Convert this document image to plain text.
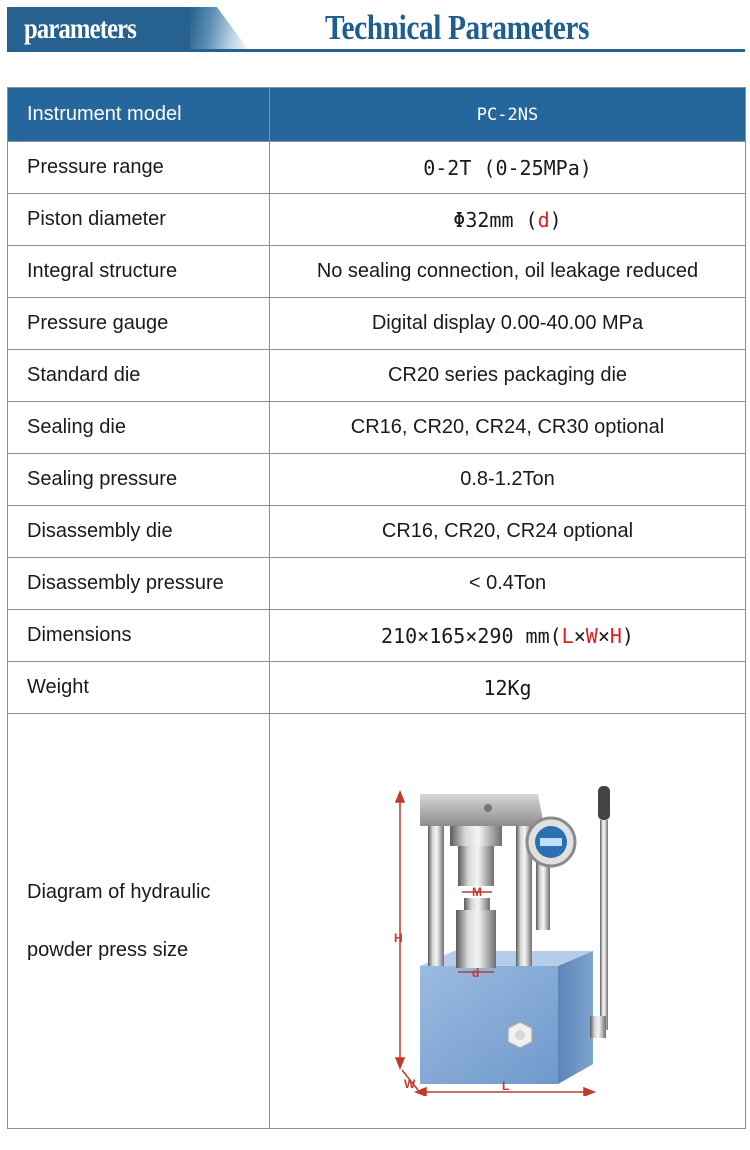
parameters	Technical Parameters
Instrument model	PC-2NS
Pressure range	0-2T (0-25MPa)
Piston diameter	Φ32mm (d)
Integral structure	No sealing connection, oil leakage reduced
Pressure gauge	Digital display 0.00-40.00 MPa
Standard die	CR20 series packaging die
Sealing die	CR16, CR20, CR24, CR30 optional
Sealing pressure	0.8-1.2Ton
Disassembly die	CR16, CR20, CR24 optional
Disassembly pressure	< 0.4Ton
Dimensions	210×165×290 mm(L×W×H)
Weight	12Kg

Diagram of hydraulic
powder press size	H
W L
M
d
